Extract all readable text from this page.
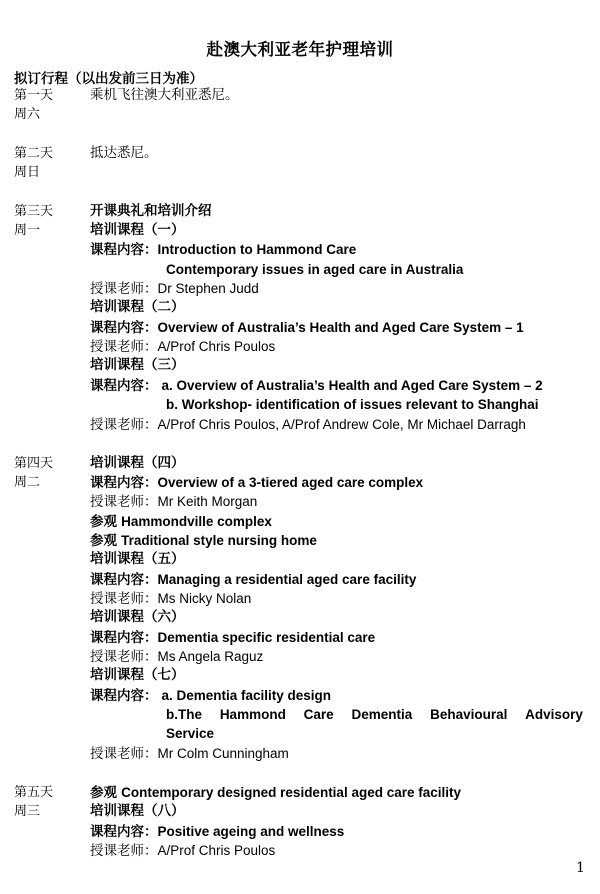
赴澳大利亚老年护理培训
拟订行程（以出发前三日为准）
第一天
周六
乘机飞往澳大利亚悉尼。
第二天
周日
抵达悉尼。
第三天
周一
开课典礼和培训介绍
培训课程（一）
课程内容：Introduction to Hammond Care
Contemporary issues in aged care in Australia
授课老师：Dr Stephen Judd
培训课程（二）
课程内容：Overview of Australia’s Health and Aged Care System – 1
授课老师：A/Prof Chris Poulos
培训课程（三）
课程内容： a. Overview of Australia’s Health and Aged Care System – 2
b. Workshop- identification of issues relevant to Shanghai
授课老师：A/Prof Chris Poulos, A/Prof Andrew Cole, Mr Michael Darragh
第四天
周二
培训课程（四）
课程内容：Overview of a 3-tiered aged care complex
授课老师：Mr Keith Morgan
参观 Hammondville complex
参观 Traditional style nursing home
培训课程（五）
课程内容：Managing a residential aged care facility
授课老师：Ms Nicky Nolan
培训课程（六）
课程内容：Dementia specific residential care
授课老师：Ms Angela Raguz
培训课程（七）
课程内容： a. Dementia facility design
b.The Hammond Care Dementia Behavioural Advisory
Service
授课老师：Mr Colm Cunningham
第五天
周三
参观 Contemporary designed residential aged care facility
培训课程（八）
课程内容：Positive ageing and wellness
授课老师：A/Prof Chris Poulos
1
